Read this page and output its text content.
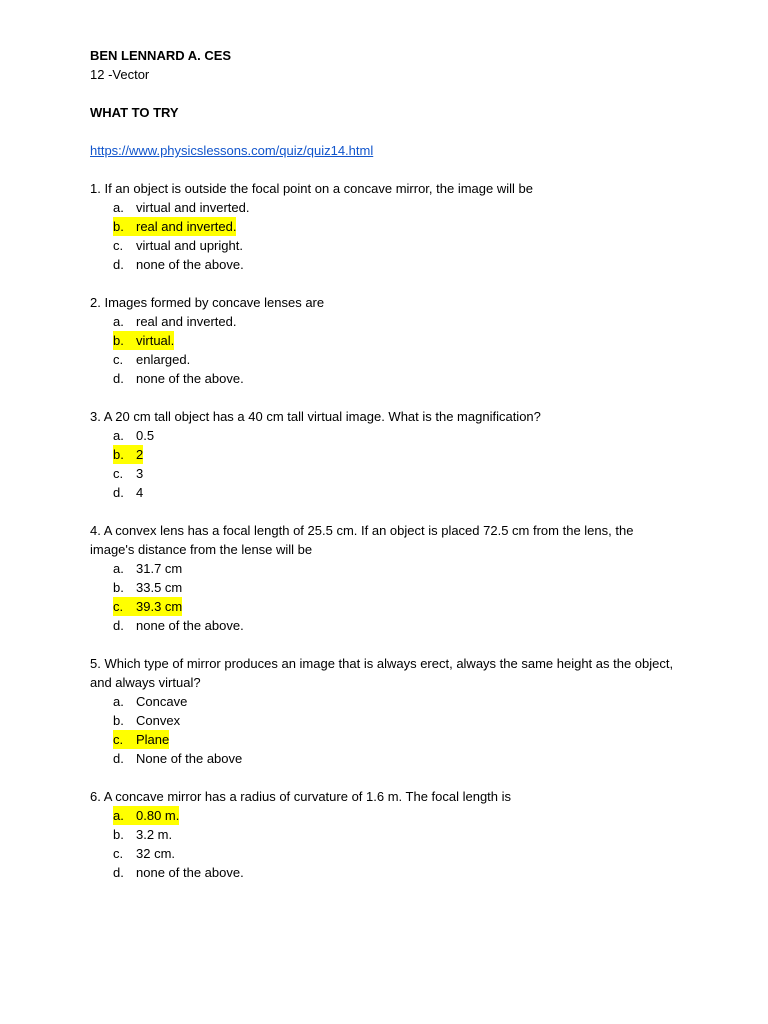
BEN LENNARD A. CES
12 -Vector
WHAT TO TRY
https://www.physicslessons.com/quiz/quiz14.html
1. If an object is outside the focal point on a concave mirror, the image will be
a. virtual and inverted.
b. real and inverted.
c. virtual and upright.
d. none of the above.
2. Images formed by concave lenses are
a. real and inverted.
b. virtual.
c. enlarged.
d. none of the above.
3. A 20 cm tall object has a 40 cm tall virtual image. What is the magnification?
a. 0.5
b. 2
c. 3
d. 4
4. A convex lens has a focal length of 25.5 cm. If an object is placed 72.5 cm from the lens, the image's distance from the lense will be
a. 31.7 cm
b. 33.5 cm
c. 39.3 cm
d. none of the above.
5. Which type of mirror produces an image that is always erect, always the same height as the object, and always virtual?
a. Concave
b. Convex
c. Plane
d. None of the above
6. A concave mirror has a radius of curvature of 1.6 m. The focal length is
a. 0.80 m.
b. 3.2 m.
c. 32 cm.
d. none of the above.
